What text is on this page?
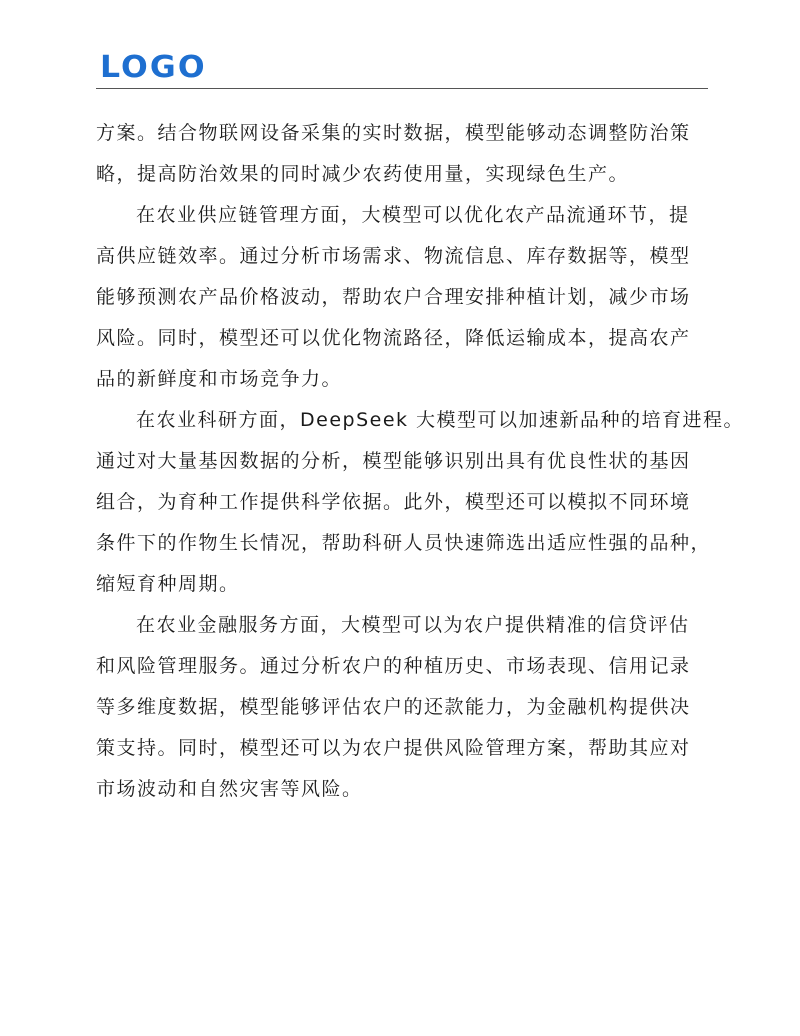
LOGO
方案。结合物联网设备采集的实时数据，模型能够动态调整防治策
略，提高防治效果的同时减少农药使用量，实现绿色生产。
在农业供应链管理方面，大模型可以优化农产品流通环节，提
高供应链效率。通过分析市场需求、物流信息、库存数据等，模型
能够预测农产品价格波动，帮助农户合理安排种植计划，减少市场
风险。同时，模型还可以优化物流路径，降低运输成本，提高农产
品的新鲜度和市场竞争力。
在农业科研方面，DeepSeek 大模型可以加速新品种的培育进程。
通过对大量基因数据的分析，模型能够识别出具有优良性状的基因
组合，为育种工作提供科学依据。此外，模型还可以模拟不同环境
条件下的作物生长情况，帮助科研人员快速筛选出适应性强的品种，
缩短育种周期。
在农业金融服务方面，大模型可以为农户提供精准的信贷评估
和风险管理服务。通过分析农户的种植历史、市场表现、信用记录
等多维度数据，模型能够评估农户的还款能力，为金融机构提供决
策支持。同时，模型还可以为农户提供风险管理方案，帮助其应对
市场波动和自然灾害等风险。
